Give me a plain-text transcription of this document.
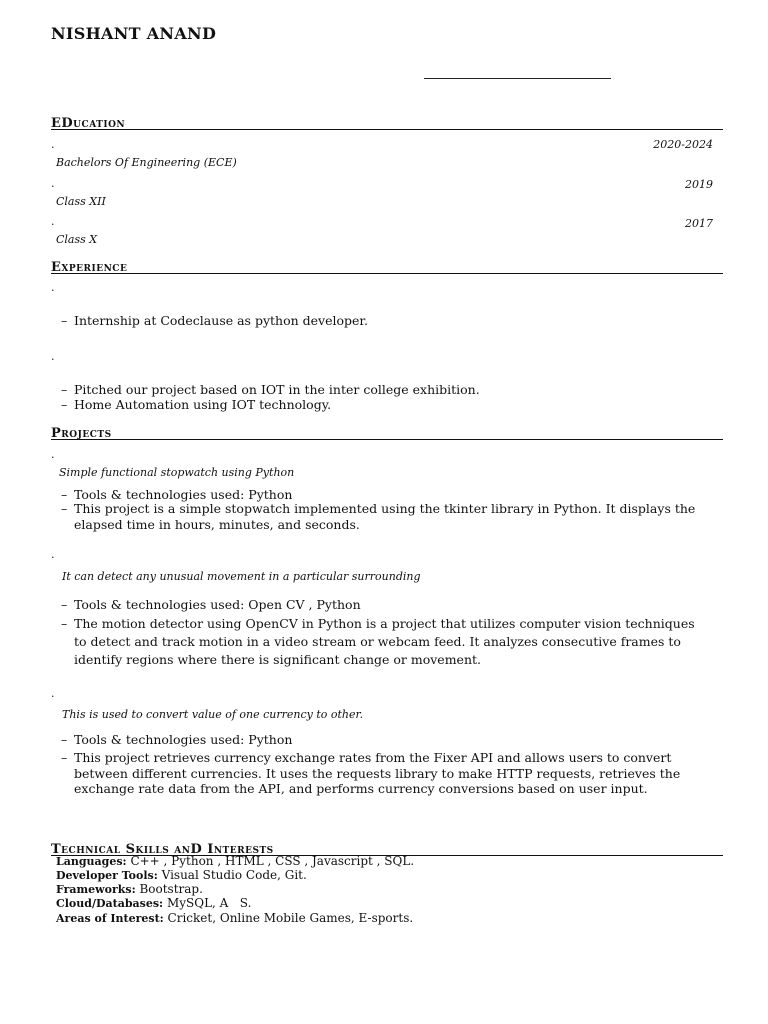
NISHANT ANAND
EDucation
.	2020-2024
Bachelors Of Engineering (ECE)
.	2019
Class XII
.	2017
Class X
Experience
.
– Internship at Codeclause as python developer.
.
– Pitched our project based on IOT in the inter college exhibition.
– Home Automation using IOT technology.
Projects
.
Simple functional stopwatch using Python
– Tools & technologies used: Python
– This project is a simple stopwatch implemented using the tkinter library in Python. It displays the elapsed time in hours, minutes, and seconds.
.
It can detect any unusual movement in a particular surrounding
– Tools & technologies used: Open CV , Python
– The motion detector using OpenCV in Python is a project that utilizes computer vision techniques to detect and track motion in a video stream or webcam feed. It analyzes consecutive frames to identify regions where there is significant change or movement.
.
This is used to convert value of one currency to other.
– Tools & technologies used: Python
– This project retrieves currency exchange rates from the Fixer API and allows users to convert between different currencies. It uses the requests library to make HTTP requests, retrieves the exchange rate data from the API, and performs currency conversions based on user input.
Technical Skills anD Interests
Languages: C++ , Python , HTML , CSS , Javascript , SQL.
Developer Tools: Visual Studio Code, Git.
Frameworks: Bootstrap.
Cloud/Databases: MySQL, A   S.
Areas of Interest: Cricket, Online Mobile Games, E-sports.
